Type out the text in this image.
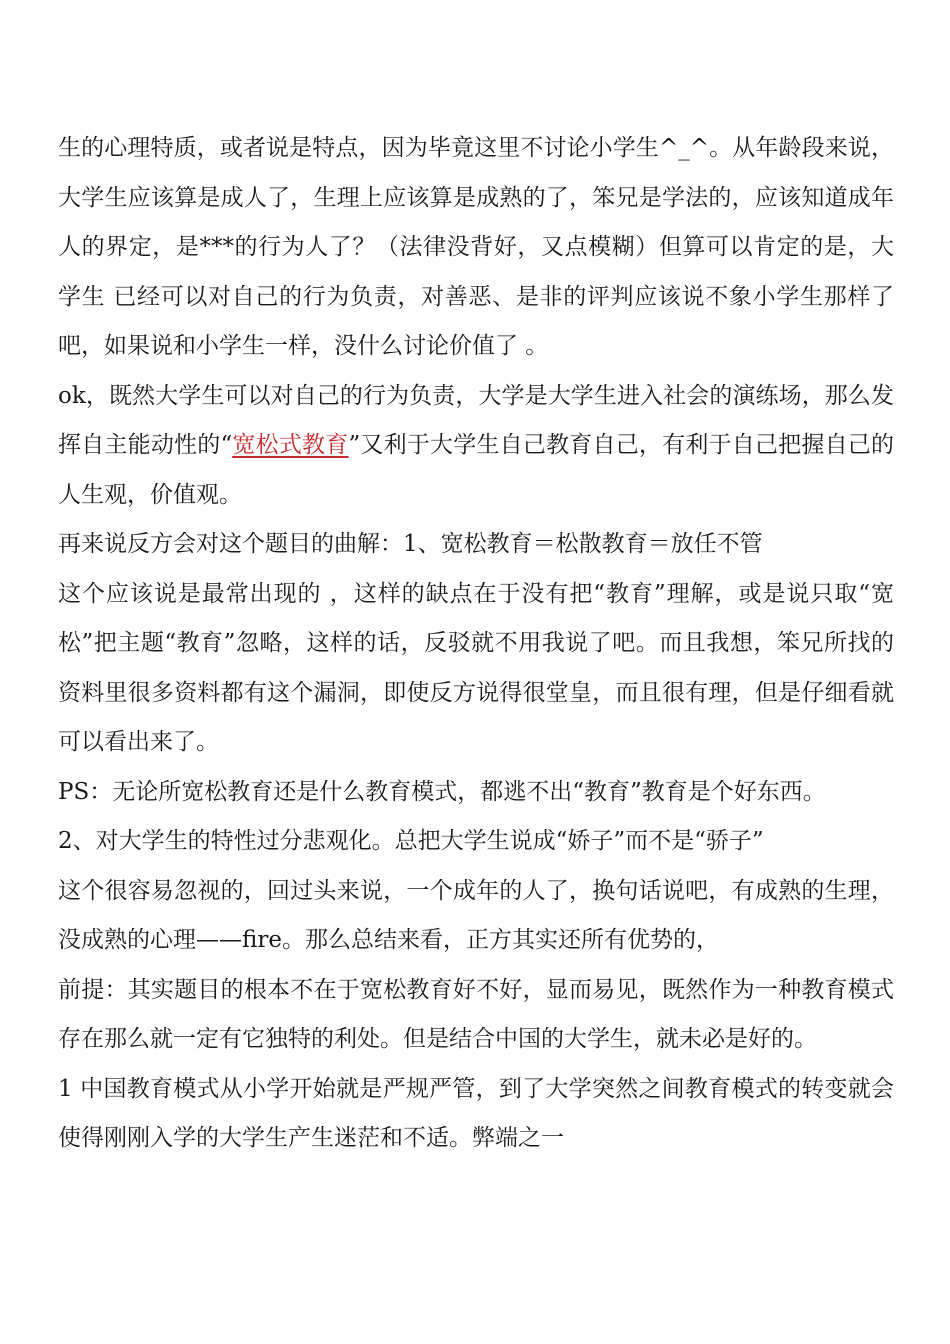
生的心理特质，或者说是特点，因为毕竟这里不讨论小学生^_^。从年龄段来说，大学生应该算是成人了，生理上应该算是成熟的了，笨兄是学法的，应该知道成年人的界定，是***的行为人了？（法律没背好，又点模糊）但算可以肯定的是，大学生 已经可以对自己的行为负责，对善恶、是非的评判应该说不象小学生那样了吧，如果说和小学生一样，没什么讨论价值了 。

ok，既然大学生可以对自己的行为负责，大学是大学生进入社会的演练场，那么发挥自主能动性的“宽松式教育”又利于大学生自己教育自己，有利于自己把握自己的人生观，价值观。

再来说反方会对这个题目的曲解：1、宽松教育＝松散教育＝放任不管

这个应该说是最常出现的 ，这样的缺点在于没有把“教育”理解，或是说只取“宽松”把主题“教育”忽略，这样的话，反驳就不用我说了吧。而且我想，笨兄所找的资料里很多资料都有这个漏洞，即使反方说得很堂皇，而且很有理，但是仔细看就可以看出来了。

PS：无论所宽松教育还是什么教育模式，都逃不出“教育”教育是个好东西。

2、对大学生的特性过分悲观化。总把大学生说成“娇子”而不是“骄子”

这个很容易忽视的，回过头来说，一个成年的人了，换句话说吧，有成熟的生理，没成熟的心理——fire。那么总结来看，正方其实还所有优势的，

前提：其实题目的根本不在于宽松教育好不好，显而易见，既然作为一种教育模式存在那么就一定有它独特的利处。但是结合中国的大学生，就未必是好的。

1 中国教育模式从小学开始就是严规严管，到了大学突然之间教育模式的转变就会使得刚刚入学的大学生产生迷茫和不适。弊端之一
